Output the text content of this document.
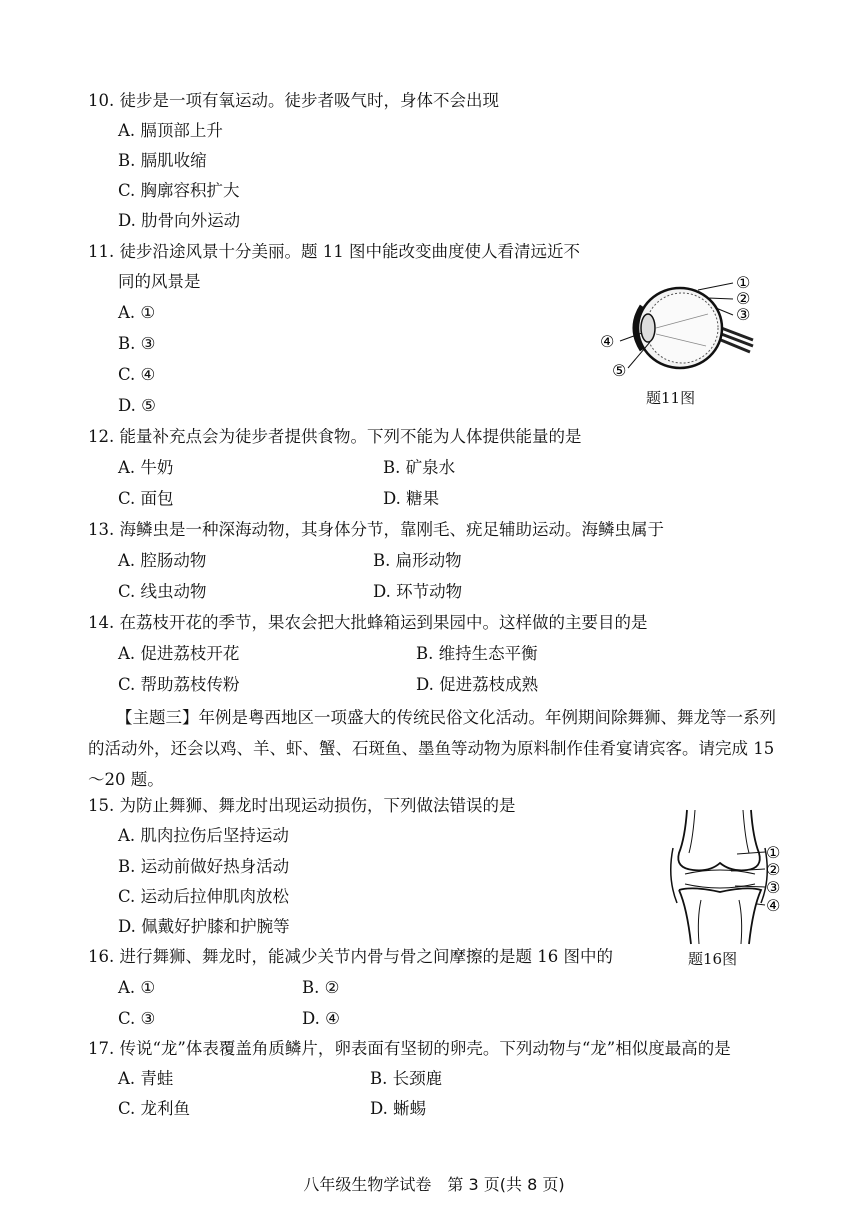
10. 徒步是一项有氧运动。徒步者吸气时，身体不会出现
A. 膈顶部上升
B. 膈肌收缩
C. 胸廓容积扩大
D. 肋骨向外运动
11. 徒步沿途风景十分美丽。题 11 图中能改变曲度使人看清远近不
同的风景是
A. ①
B. ③
C. ④
D. ⑤
①
②
③
④
⑤
题11图
12. 能量补充点会为徒步者提供食物。下列不能为人体提供能量的是
A. 牛奶	B. 矿泉水
C. 面包	D. 糖果
13. 海鳞虫是一种深海动物，其身体分节，靠刚毛、疣足辅助运动。海鳞虫属于
A. 腔肠动物	B. 扁形动物
C. 线虫动物	D. 环节动物
14. 在荔枝开花的季节，果农会把大批蜂箱运到果园中。这样做的主要目的是
A. 促进荔枝开花	B. 维持生态平衡
C. 帮助荔枝传粉	D. 促进荔枝成熟
【主题三】年例是粤西地区一项盛大的传统民俗文化活动。年例期间除舞狮、舞龙等一系列的活动外，还会以鸡、羊、虾、蟹、石斑鱼、墨鱼等动物为原料制作佳肴宴请宾客。请完成 15～20 题。
15. 为防止舞狮、舞龙时出现运动损伤，下列做法错误的是
A. 肌肉拉伤后坚持运动
B. 运动前做好热身活动
C. 运动后拉伸肌肉放松
D. 佩戴好护膝和护腕等
①
②
③
④
题16图
16. 进行舞狮、舞龙时，能减少关节内骨与骨之间摩擦的是题 16 图中的
A. ①	B. ②
C. ③	D. ④
17. 传说“龙”体表覆盖角质鳞片，卵表面有坚韧的卵壳。下列动物与“龙”相似度最高的是
A. 青蛙	B. 长颈鹿
C. 龙利鱼	D. 蜥蜴
八年级生物学试卷　第 3 页(共 8 页)
